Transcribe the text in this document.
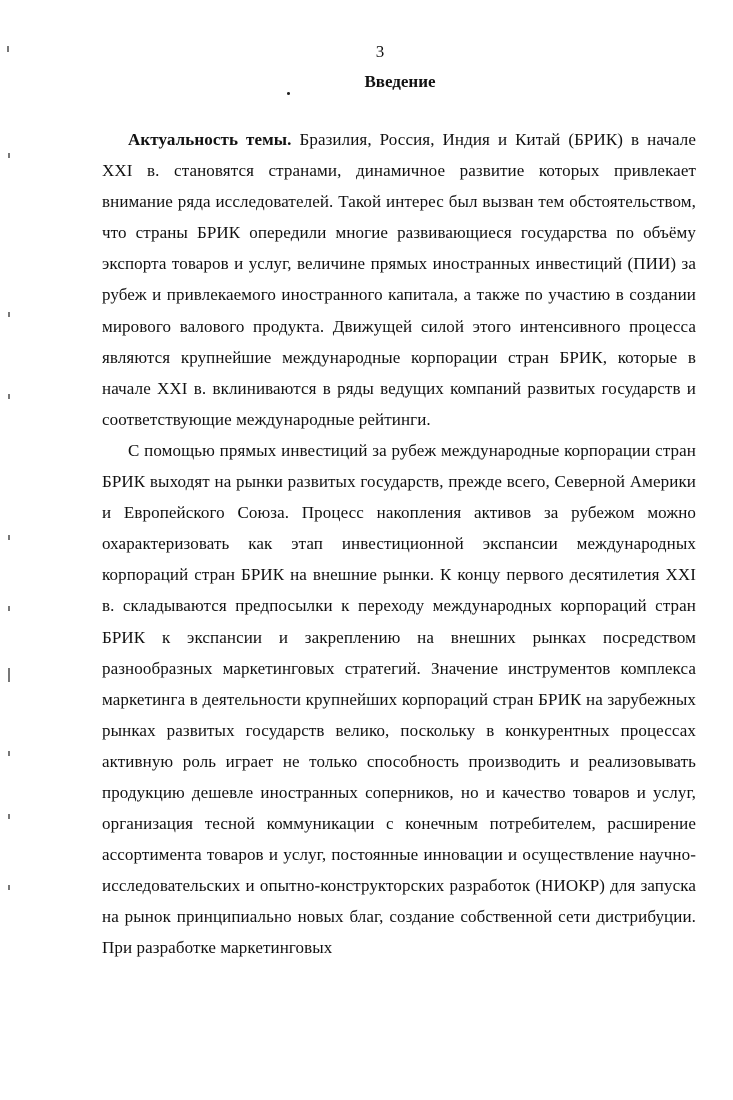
3
Введение

Актуальность темы. Бразилия, Россия, Индия и Китай (БРИК) в начале XXI в. становятся странами, динамичное развитие которых привлекает внимание ряда исследователей. Такой интерес был вызван тем обстоятельством, что страны БРИК опередили многие развивающиеся государства по объёму экспорта товаров и услуг, величине прямых иностранных инвестиций (ПИИ) за рубеж и привлекаемого иностранного капитала, а также по участию в создании мирового валового продукта. Движущей силой этого интенсивного процесса являются крупнейшие международные корпорации стран БРИК, которые в начале XXI в. вклиниваются в ряды ведущих компаний развитых государств и соответствующие международные рейтинги.

С помощью прямых инвестиций за рубеж международные корпорации стран БРИК выходят на рынки развитых государств, прежде всего, Северной Америки и Европейского Союза. Процесс накопления активов за рубежом можно охарактеризовать как этап инвестиционной экспансии международных корпораций стран БРИК на внешние рынки. К концу первого десятилетия XXI в. складываются предпосылки к переходу международных корпораций стран БРИК к экспансии и закреплению на внешних рынках посредством разнообразных маркетинговых стратегий. Значение инструментов комплекса маркетинга в деятельности крупнейших корпораций стран БРИК на зарубежных рынках развитых государств велико, поскольку в конкурентных процессах активную роль играет не только способность производить и реализовывать продукцию дешевле иностранных соперников, но и качество товаров и услуг, организация тесной коммуникации с конечным потребителем, расширение ассортимента товаров и услуг, постоянные инновации и осуществление научно-исследовательских и опытно-конструкторских разработок (НИОКР) для запуска на рынок принципиально новых благ, создание собственной сети дистрибуции. При разработке маркетинговых
